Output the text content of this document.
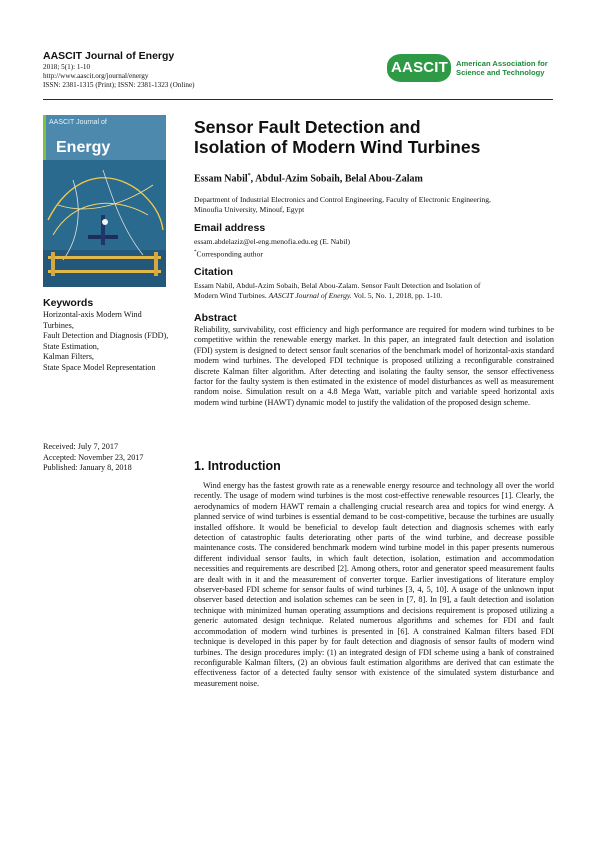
AASCIT Journal of Energy
2018; 5(1): 1-10
http://www.aascit.org/journal/energy
ISSN: 2381-1315 (Print); ISSN: 2381-1323 (Online)
AASCIT American Association for
Science and Technology
AASCIT Journal of
Energy
Sensor Fault Detection and
Isolation of Modern Wind Turbines
Essam Nabil*, Abdul-Azim Sobaih, Belal Abou-Zalam
Department of Industrial Electronics and Control Engineering, Faculty of Electronic Engineering,
Minoufia University, Minouf, Egypt
Email address
essam.abdelaziz@el-eng.menofia.edu.eg (E. Nabil)
*Corresponding author
Citation
Essam Nabil, Abdul-Azim Sobaih, Belal Abou-Zalam. Sensor Fault Detection and Isolation of
Modern Wind Turbines. AASCIT Journal of Energy. Vol. 5, No. 1, 2018, pp. 1-10.
Keywords
Horizontal-axis Modern Wind Turbines,
Fault Detection and Diagnosis (FDD),
State Estimation,
Kalman Filters,
State Space Model Representation
Received: July 7, 2017
Accepted: November 23, 2017
Published: January 8, 2018
Abstract
Reliability, survivability, cost efficiency and high performance are required for modern wind turbines to be competitive within the renewable energy market. In this paper, an integrated fault detection and isolation (FDI) system is designed to detect sensor fault scenarios of the benchmark model of horizontal-axis standard modern wind turbines. The developed FDI technique is proposed utilizing a reconfigurable constrained discrete Kalman filter algorithm. After detecting and isolating the faulty sensor, the sensor effectiveness factor for the faulty system is then estimated in the existence of model disturbances as well as measurement random noise. Simulation result on a 4.8 Mega Watt, variable pitch and variable speed horizontal axis modern wind turbine (HAWT) dynamic model to justify the validation of the proposed design scheme.
1. Introduction
Wind energy has the fastest growth rate as a renewable energy resource and technology all over the world recently. The usage of modern wind turbines is the most cost-effective renewable resources [1]. Clearly, the aerodynamics of modern HAWT remain a challenging crucial research area and topics for wind energy. A planned service of wind turbines is essential demand to be cost-competitive, because the turbines are usually installed offshore. It would be beneficial to develop fault detection and diagnosis schemes with early detection of catastrophic faults deteriorating other parts of the wind turbine, and decrease possible maintenance costs. The considered benchmark modern wind turbine model in this paper presents numerous different individual sensor faults, in which fault detection, isolation, estimation and accommodation necessities and requirements are described [2]. Among others, rotor and generator speed measurement faults are dealt with in it and the measurement of converter torque. Earlier investigations of literature employ observer-based FDI scheme for sensor faults of wind turbines [3, 4, 5, 10]. A usage of the unknown input observer based detection and isolation schemes can be seen in [7, 8]. In [9], a fault detection and isolation technique with minimized human operating assumptions and decisions requirement is proposed utilizing a generic automated design technique. Related numerous algorithms and schemes for FDI and fault accommodation of modern wind turbines is presented in [6]. A constrained Kalman filters based FDI technique is developed in this paper by for fault detection and diagnosis of sensor faults of modern wind turbines. The design procedures imply: (1) an integrated design of FDI scheme using a bank of constrained reconfigurable Kalman filters, (2) an obvious fault estimation algorithms are derived that can estimate the effectiveness factor of a detected faulty sensor with existence of the simulated system disturbance and measurement noise.
